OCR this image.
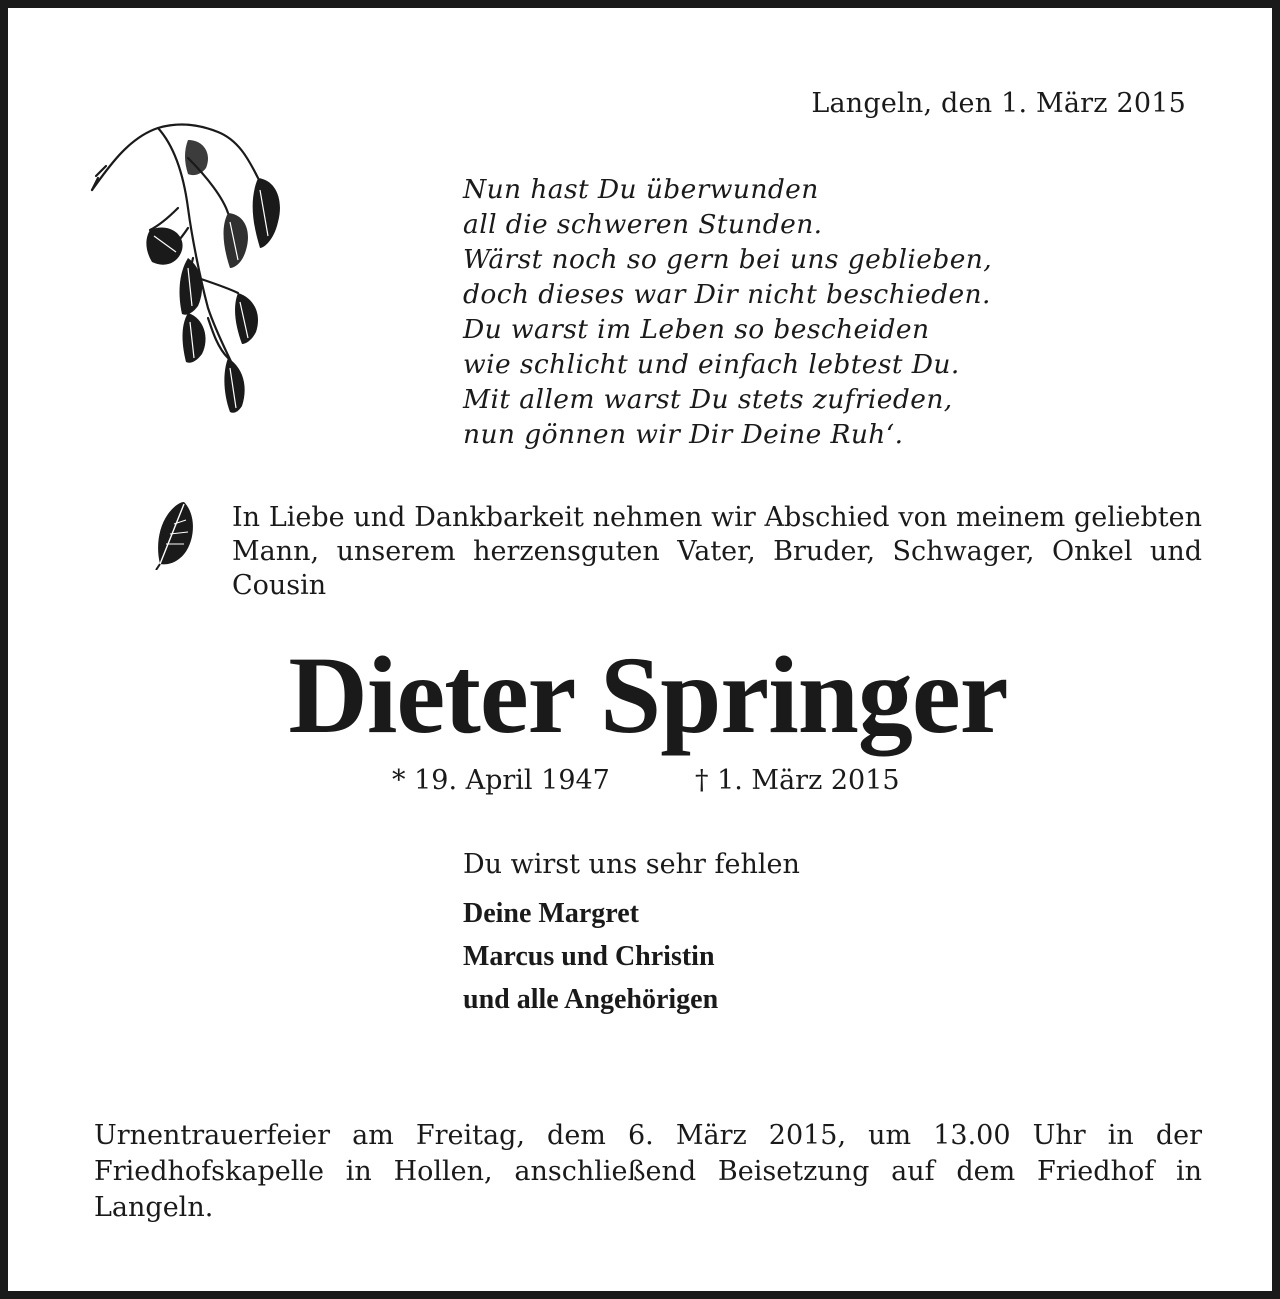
Langeln, den 1. März 2015
Nun hast Du überwunden
all die schweren Stunden.
Wärst noch so gern bei uns geblieben,
doch dieses war Dir nicht beschieden.
Du warst im Leben so bescheiden
wie schlicht und einfach lebtest Du.
Mit allem warst Du stets zufrieden,
nun gönnen wir Dir Deine Ruh‘.
In Liebe und Dankbarkeit nehmen wir Abschied von meinem geliebten Mann, unserem herzensguten Vater, Bruder, Schwager, Onkel und Cousin
Dieter Springer
* 19. April 1947	† 1. März 2015
Du wirst uns sehr fehlen
Deine Margret
Marcus und Christin
und alle Angehörigen
Urnentrauerfeier am Freitag, dem 6. März 2015, um 13.00 Uhr in der Friedhofskapelle in Hollen, anschließend Beisetzung auf dem Friedhof in Langeln.
